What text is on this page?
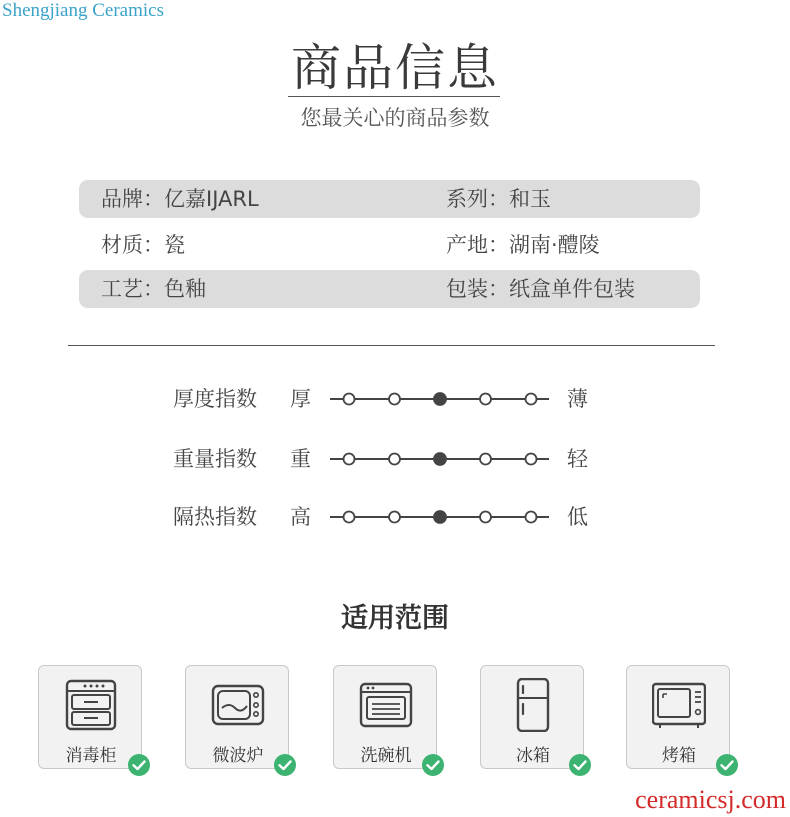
Shengjiang Ceramics
商品信息
您最关心的商品参数
品牌：亿嘉IJARL	系列：和玉
材质：瓷	产地：湖南·醴陵
工艺：色釉	包装：纸盒单件包装
厚度指数 厚	薄
重量指数 重	轻
隔热指数 高	低
适用范围
消毒柜	微波炉	洗碗机	冰箱	烤箱
ceramicsj.com
